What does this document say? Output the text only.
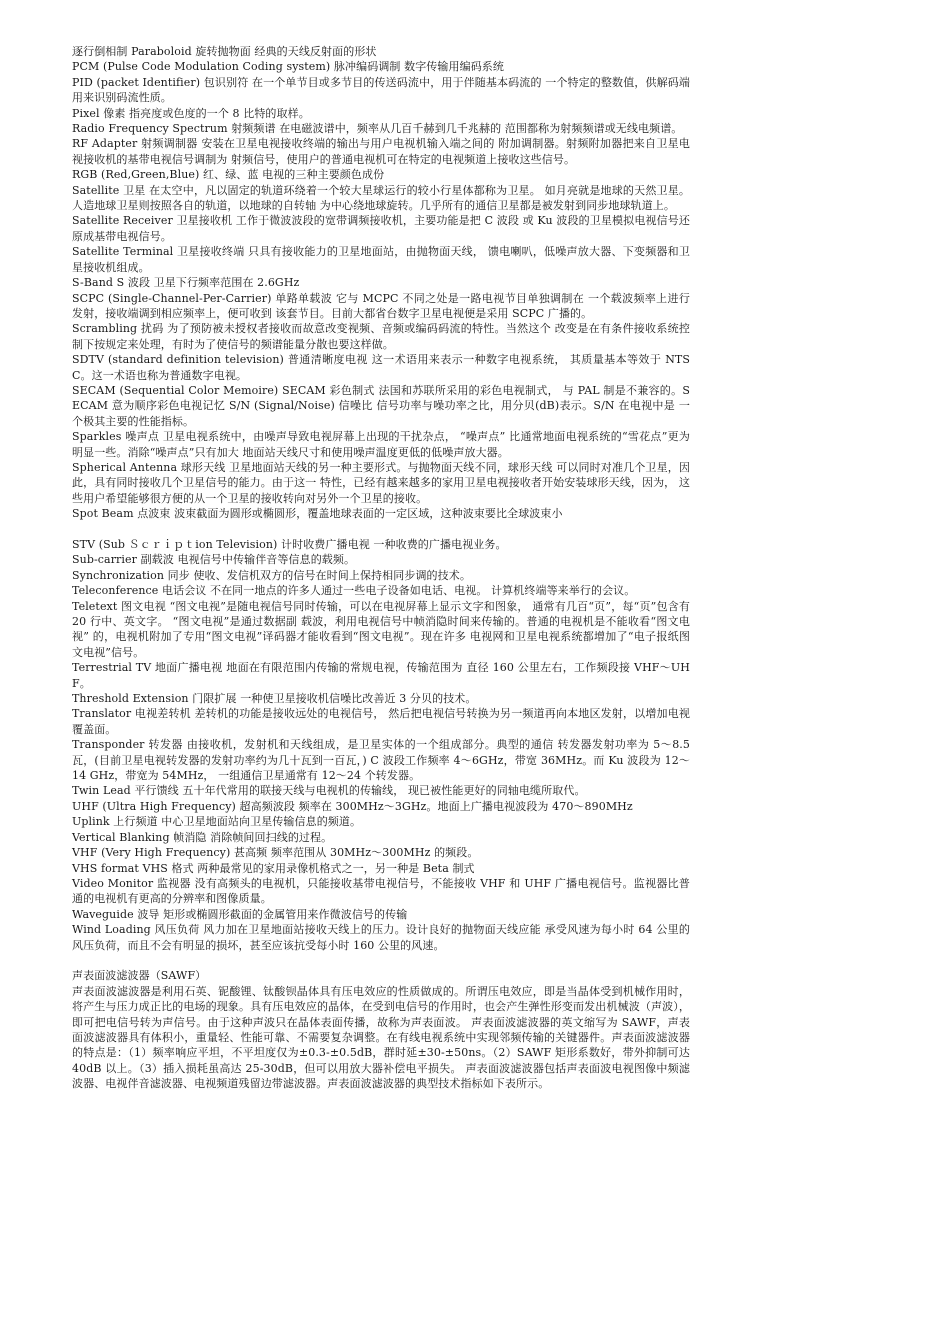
逐行倒相制 Paraboloid 旋转抛物面 经典的天线反射面的形状

PCM (Pulse Code Modulation Coding system) 脉冲编码调制 数字传输用编码系统

PID (packet Identifier) 包识别符 在一个单节目或多节目的传送码流中，用于伴随基本码流的 一个特定的整数值，供解码端用来识别码流性质。

Pixel 像素 指亮度或色度的一个 8 比特的取样。

Radio Frequency Spectrum 射频频谱 在电磁波谱中，频率从几百千赫到几千兆赫的 范围都称为射频频谱或无线电频谱。

RF Adapter 射频调制器 安装在卫星电视接收终端的输出与用户电视机输入端之间的 附加调制器。射频附加器把来自卫星电视接收机的基带电视信号调制为 射频信号，使用户的普通电视机可在特定的电视频道上接收这些信号。

RGB (Red,Green,Blue) 红、绿、蓝 电视的三种主要颜色成份

Satellite 卫星 在太空中，凡以固定的轨道环绕着一个较大星球运行的较小行星体都称为卫星。 如月亮就是地球的天然卫星。人造地球卫星则按照各自的轨道，以地球的自转轴 为中心绕地球旋转。几乎所有的通信卫星都是被发射到同步地球轨道上。

Satellite Receiver 卫星接收机 工作于微波波段的宽带调频接收机，主要功能是把 C 波段 或 Ku 波段的卫星模拟电视信号还原成基带电视信号。

Satellite Terminal 卫星接收终端 只具有接收能力的卫星地面站，由抛物面天线， 馈电喇叭，低噪声放大器、下变频器和卫星接收机组成。

S-Band S 波段 卫星下行频率范围在 2.6GHz

SCPC (Single-Channel-Per-Carrier) 单路单载波 它与 MCPC 不同之处是一路电视节目单独调制在 一个载波频率上进行发射，接收端调到相应频率上，便可收到 该套节目。目前大都省台数字卫星电视便是采用 SCPC 广播的。

Scrambling 扰码 为了预防被未授权者接收而故意改变视频、音频或编码码流的特性。当然这个 改变是在有条件接收系统控制下按规定来处理，有时为了使信号的频谱能量分散也要这样做。

SDTV (standard definition television) 普通清晰度电视 这一术语用来表示一种数字电视系统， 其质量基本等效于 NTSC。这一术语也称为普通数字电视。

SECAM (Sequential Color Memoire) SECAM 彩色制式 法国和苏联所采用的彩色电视制式， 与 PAL 制是不兼容的。SECAM 意为顺序彩色电视记忆 S/N (Signal/Noise) 信噪比 信号功率与噪功率之比，用分贝(dB)表示。S/N 在电视中是 一个极其主要的性能指标。

Sparkles 噪声点 卫星电视系统中，由噪声导致电视屏幕上出现的干扰杂点， “噪声点” 比通常地面电视系统的“雪花点”更为明显一些。消除“噪声点”只有加大 地面站天线尺寸和使用噪声温度更低的低噪声放大器。

Spherical Antenna 球形天线 卫星地面站天线的另一种主要形式。与抛物面天线不同，球形天线 可以同时对准几个卫星，因此，具有同时接收几个卫星信号的能力。由于这一 特性，已经有越来越多的家用卫星电视接收者开始安装球形天线，因为， 这些用户希望能够很方便的从一个卫星的接收转向对另外一个卫星的接收。

Spot Beam 点波束 波束截面为圆形或椭圆形，覆盖地球表面的一定区域，这种波束要比全球波束小

STV (Sub Ｓｃｒｉｐｔion Television) 计时收费广播电视 一种收费的广播电视业务。

Sub-carrier 副载波 电视信号中传输伴音等信息的载频。

Synchronization 同步 使收、发信机双方的信号在时间上保持相同步调的技术。

Teleconference 电话会议 不在同一地点的许多人通过一些电子设备如电话、电视。 计算机终端等来举行的会议。

Teletext 图文电视 “图文电视”是随电视信号同时传输，可以在电视屏幕上显示文字和图象， 通常有几百“页”，每“页”包含有 20 行中、英文字。 “图文电视”是通过数据副 载波，利用电视信号中帧消隐时间来传输的。普通的电视机是不能收看“图文电视” 的，电视机附加了专用“图文电视”译码器才能收看到“图文电视”。现在许多 电视网和卫星电视系统都增加了“电子报纸图文电视”信号。

Terrestrial TV 地面广播电视 地面在有限范围内传输的常规电视，传输范围为 直径 160 公里左右，工作频段接 VHF～UHF。

Threshold Extension 门限扩展 一种使卫星接收机信噪比改善近 3 分贝的技术。

Translator 电视差转机 差转机的功能是接收远处的电视信号， 然后把电视信号转换为另一频道再向本地区发射，以增加电视覆盖面。

Transponder 转发器 由接收机，发射机和天线组成，是卫星实体的一个组成部分。典型的通信 转发器发射功率为 5～8.5 瓦，(目前卫星电视转发器的发射功率约为几十瓦到一百瓦，) C 波段工作频率 4～6GHz，带宽 36MHz。而 Ku 波段为 12～14 GHz，带宽为 54MHz， 一组通信卫星通常有 12～24 个转发器。

Twin Lead 平行馈线 五十年代常用的联接天线与电视机的传输线， 现已被性能更好的同轴电缆所取代。

UHF (Ultra High Frequency) 超高频波段 频率在 300MHz～3GHz。地面上广播电视波段为 470～890MHz

Uplink 上行频道 中心卫星地面站向卫星传输信息的频道。

Vertical Blanking 帧消隐 消除帧间回扫线的过程。

VHF (Very High Frequency) 甚高频 频率范围从 30MHz～300MHz 的频段。

VHS format VHS 格式 两种最常见的家用录像机格式之一，另一种是 Beta 制式

Video Monitor 监视器 没有高频头的电视机，只能接收基带电视信号，不能接收 VHF 和 UHF 广播电视信号。监视器比普通的电视机有更高的分辨率和图像质量。

Waveguide 波导 矩形或椭圆形截面的金属管用来作微波信号的传输

Wind Loading 风压负荷 风力加在卫星地面站接收天线上的压力。设计良好的抛物面天线应能 承受风速为每小时 64 公里的风压负荷，而且不会有明显的损坏，甚至应该抗受每小时 160 公里的风速。

声表面波滤波器（SAWF）

声表面波滤波器是利用石英、铌酸锂、钛酸钡晶体具有压电效应的性质做成的。所谓压电效应，即是当晶体受到机械作用时，将产生与压力成正比的电场的现象。具有压电效应的晶体，在受到电信号的作用时，也会产生弹性形变而发出机械波（声波），即可把电信号转为声信号。由于这种声波只在晶体表面传播，故称为声表面波。 声表面波滤波器的英文缩写为 SAWF，声表面波滤波器具有体积小，重量轻、性能可靠、不需要复杂调整。在有线电视系统中实现邻频传输的关键器件。声表面波滤波器的特点是：（1）频率响应平坦，不平坦度仅为±0.3-±0.5dB，群时延±30-±50ns。（2）SAWF 矩形系数好，带外抑制可达 40dB 以上。（3）插入损耗虽高达 25-30dB，但可以用放大器补偿电平损失。 声表面波滤波器包括声表面波电视图像中频滤波器、电视伴音滤波器、电视频道残留边带滤波器。声表面波滤波器的典型技术指标如下表所示。
